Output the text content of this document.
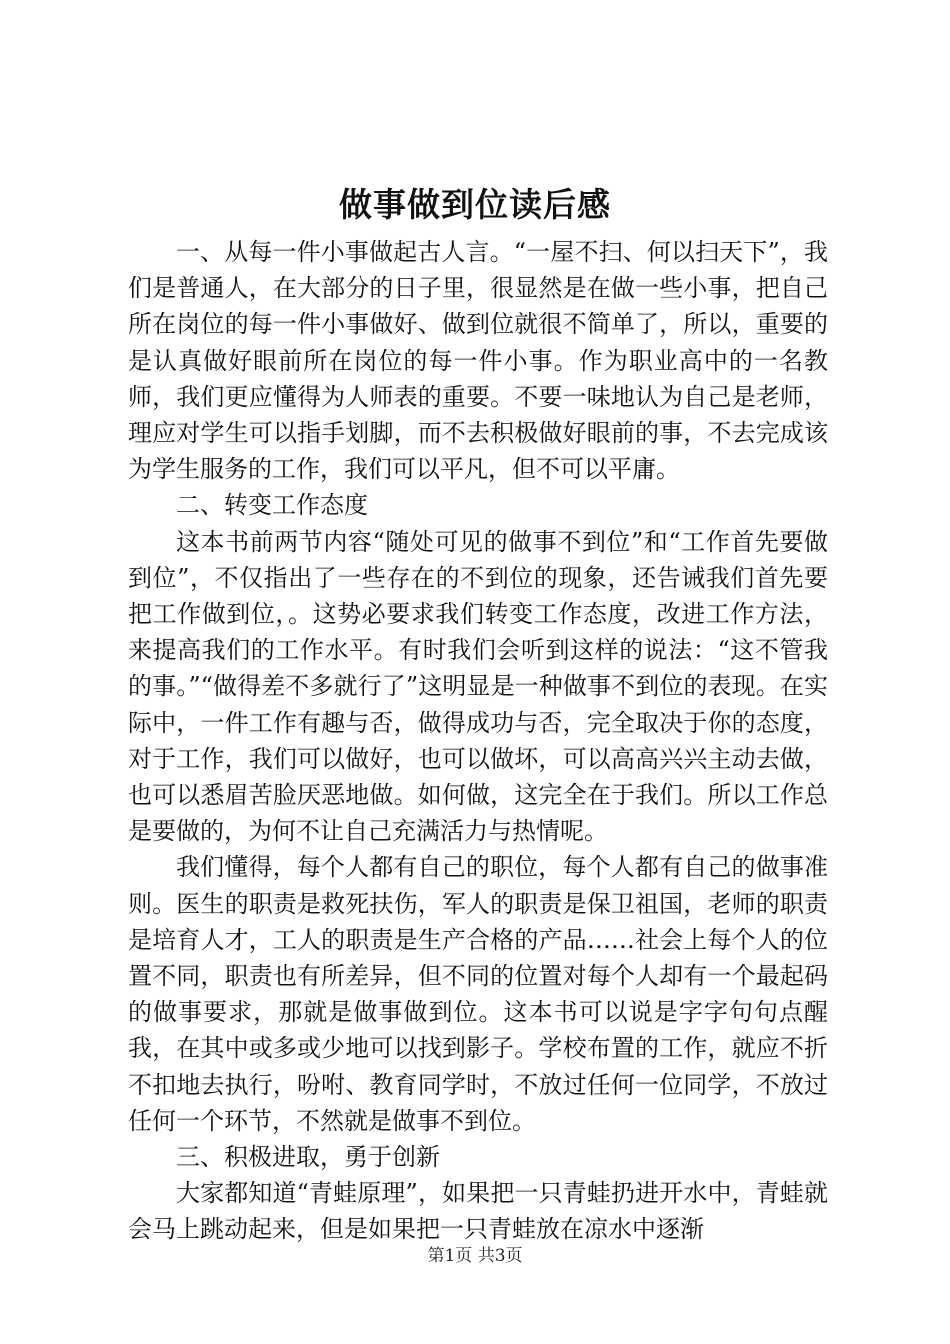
做事做到位读后感

一、从每一件小事做起古人言。“一屋不扫、何以扫天下”，我们是普通人，在大部分的日子里，很显然是在做一些小事，把自己所在岗位的每一件小事做好、做到位就很不简单了，所以，重要的是认真做好眼前所在岗位的每一件小事。作为职业高中的一名教师，我们更应懂得为人师表的重要。不要一味地认为自己是老师，理应对学生可以指手划脚，而不去积极做好眼前的事，不去完成该为学生服务的工作，我们可以平凡，但不可以平庸。

二、转变工作态度

这本书前两节内容“随处可见的做事不到位”和“工作首先要做到位”，不仅指出了一些存在的不到位的现象，还告诫我们首先要把工作做到位，。这势必要求我们转变工作态度，改进工作方法，来提高我们的工作水平。有时我们会听到这样的说法：“这不管我的事。”“做得差不多就行了”这明显是一种做事不到位的表现。在实际中，一件工作有趣与否，做得成功与否，完全取决于你的态度，对于工作，我们可以做好，也可以做坏，可以高高兴兴主动去做，也可以悉眉苦脸厌恶地做。如何做，这完全在于我们。所以工作总是要做的，为何不让自己充满活力与热情呢。

我们懂得，每个人都有自己的职位，每个人都有自己的做事准则。医生的职责是救死扶伤，军人的职责是保卫祖国，老师的职责是培育人才，工人的职责是生产合格的产品……社会上每个人的位置不同，职责也有所差异，但不同的位置对每个人却有一个最起码的做事要求，那就是做事做到位。这本书可以说是字字句句点醒我，在其中或多或少地可以找到影子。学校布置的工作，就应不折不扣地去执行，吩咐、教育同学时，不放过任何一位同学，不放过任何一个环节，不然就是做事不到位。

三、积极进取，勇于创新

大家都知道“青蛙原理”，如果把一只青蛙扔进开水中，青蛙就会马上跳动起来，但是如果把一只青蛙放在凉水中逐渐

第1页 共3页
